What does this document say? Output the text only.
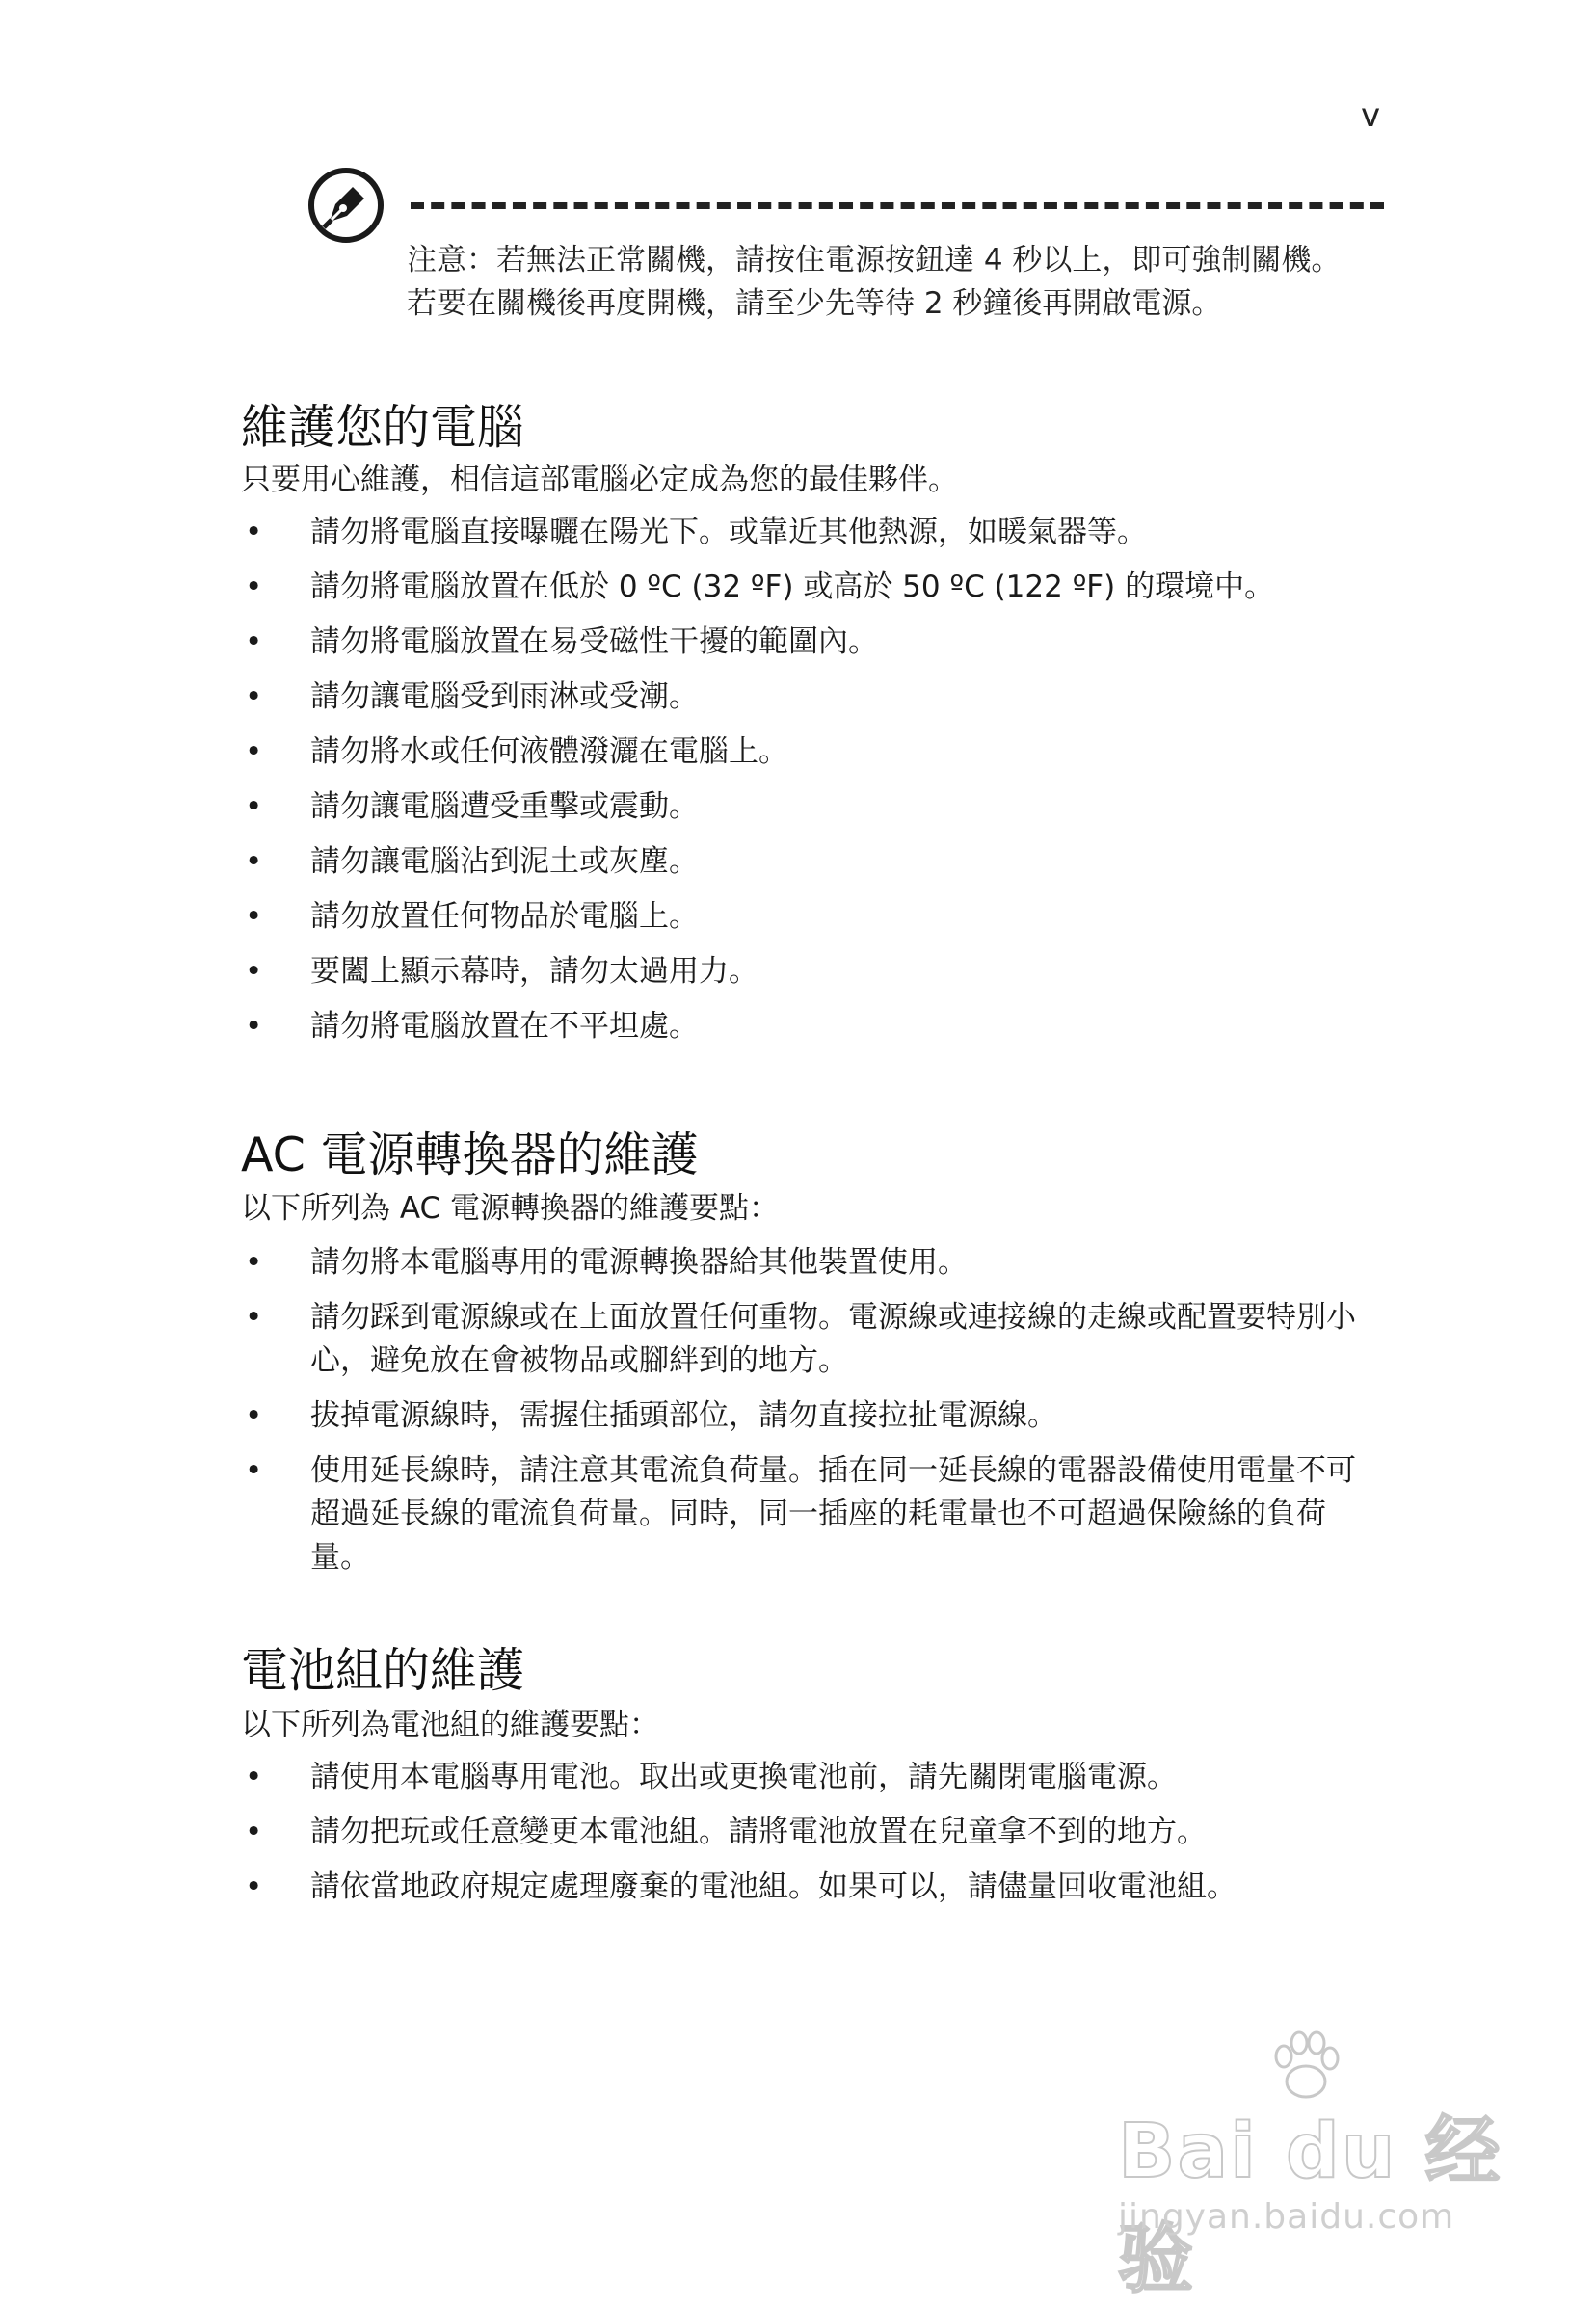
v

注意：若無法正常關機，請按住電源按鈕達 4 秒以上，即可強制關機。

若要在關機後再度開機，請至少先等待 2 秒鐘後再開啟電源。

維護您的電腦

只要用心維護，相信這部電腦必定成為您的最佳夥伴。

• 請勿將電腦直接曝曬在陽光下。或靠近其他熱源，如暖氣器等。
• 請勿將電腦放置在低於 0 ºC (32 ºF) 或高於 50 ºC (122 ºF) 的環境中。
• 請勿將電腦放置在易受磁性干擾的範圍內。
• 請勿讓電腦受到雨淋或受潮。
• 請勿將水或任何液體潑灑在電腦上。
• 請勿讓電腦遭受重擊或震動。
• 請勿讓電腦沾到泥土或灰塵。
• 請勿放置任何物品於電腦上。
• 要闔上顯示幕時，請勿太過用力。
• 請勿將電腦放置在不平坦處。
AC 電源轉換器的維護

以下所列為 AC 電源轉換器的維護要點：

• 請勿將本電腦專用的電源轉換器給其他裝置使用。
• 請勿踩到電源線或在上面放置任何重物。電源線或連接線的走線或配置要特別小心，避免放在會被物品或腳絆到的地方。
• 拔掉電源線時，需握住插頭部位，請勿直接拉扯電源線。
• 使用延長線時，請注意其電流負荷量。插在同一延長線的電器設備使用電量不可超過延長線的電流負荷量。同時，同一插座的耗電量也不可超過保險絲的負荷量。
電池組的維護

以下所列為電池組的維護要點：

• 請使用本電腦專用電池。取出或更換電池前，請先關閉電腦電源。
• 請勿把玩或任意變更本電池組。請將電池放置在兒童拿不到的地方。
• 請依當地政府規定處理廢棄的電池組。如果可以，請儘量回收電池組。
Bai du 经验
jingyan.baidu.com
